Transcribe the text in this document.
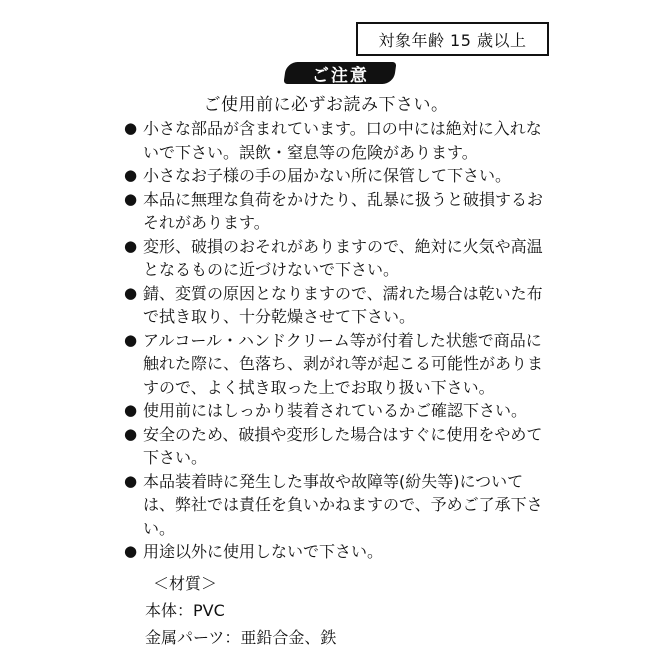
対象年齢 15 歳以上
ご注意
ご使用前に必ずお読み下さい。
● 小さな部品が含まれています。口の中には絶対に入れないで下さい。誤飲・窒息等の危険があります。
● 小さなお子様の手の届かない所に保管して下さい。
● 本品に無理な負荷をかけたり、乱暴に扱うと破損するおそれがあります。
● 変形、破損のおそれがありますので、絶対に火気や高温となるものに近づけないで下さい。
● 錆、変質の原因となりますので、濡れた場合は乾いた布で拭き取り、十分乾燥させて下さい。
● アルコール・ハンドクリーム等が付着した状態で商品に触れた際に、色落ち、剥がれ等が起こる可能性がありますので、よく拭き取った上でお取り扱い下さい。
● 使用前にはしっかり装着されているかご確認下さい。
● 安全のため、破損や変形した場合はすぐに使用をやめて下さい。
● 本品装着時に発生した事故や故障等(紛失等)については、弊社では責任を負いかねますので、予めご了承下さい。
● 用途以外に使用しないで下さい。
＜材質＞
本体：PVC
金属パーツ：亜鉛合金、鉄
